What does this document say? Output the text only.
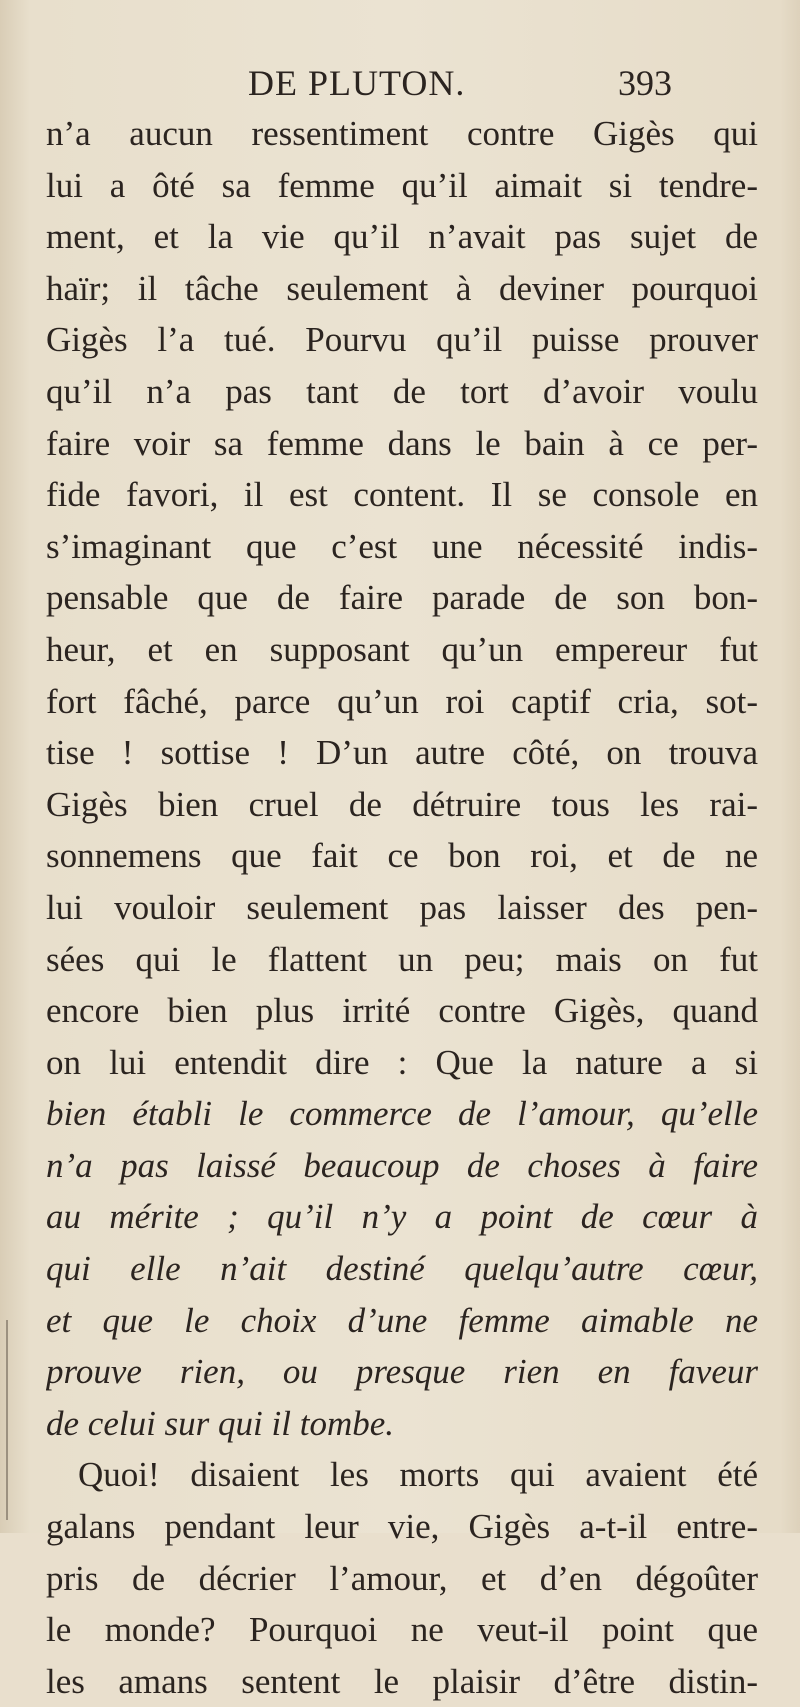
DE PLUTON.	393
n’a aucun ressentiment contre Gigès qui
lui a ôté sa femme qu’il aimait si tendre-
ment, et la vie qu’il n’avait pas sujet de
haïr; il tâche seulement à deviner pourquoi
Gigès l’a tué. Pourvu qu’il puisse prouver
qu’il n’a pas tant de tort d’avoir voulu
faire voir sa femme dans le bain à ce per-
fide favori, il est content. Il se console en
s’imaginant que c’est une nécessité indis-
pensable que de faire parade de son bon-
heur, et en supposant qu’un empereur fut
fort fâché, parce qu’un roi captif cria, sot-
tise ! sottise ! D’un autre côté, on trouva
Gigès bien cruel de détruire tous les rai-
sonnemens que fait ce bon roi, et de ne
lui vouloir seulement pas laisser des pen-
sées qui le flattent un peu; mais on fut
encore bien plus irrité contre Gigès, quand
on lui entendit dire : Que la nature a si
bien établi le commerce de l’amour, qu’elle
n’a pas laissé beaucoup de choses à faire
au mérite ; qu’il n’y a point de cœur à
qui elle n’ait destiné quelqu’autre cœur,
et que le choix d’une femme aimable ne
prouve rien, ou presque rien en faveur
de celui sur qui il tombe.
Quoi! disaient les morts qui avaient été
galans pendant leur vie, Gigès a-t-il entre-
pris de décrier l’amour, et d’en dégoûter
le monde? Pourquoi ne veut-il point que
les amans sentent le plaisir d’être distin-
